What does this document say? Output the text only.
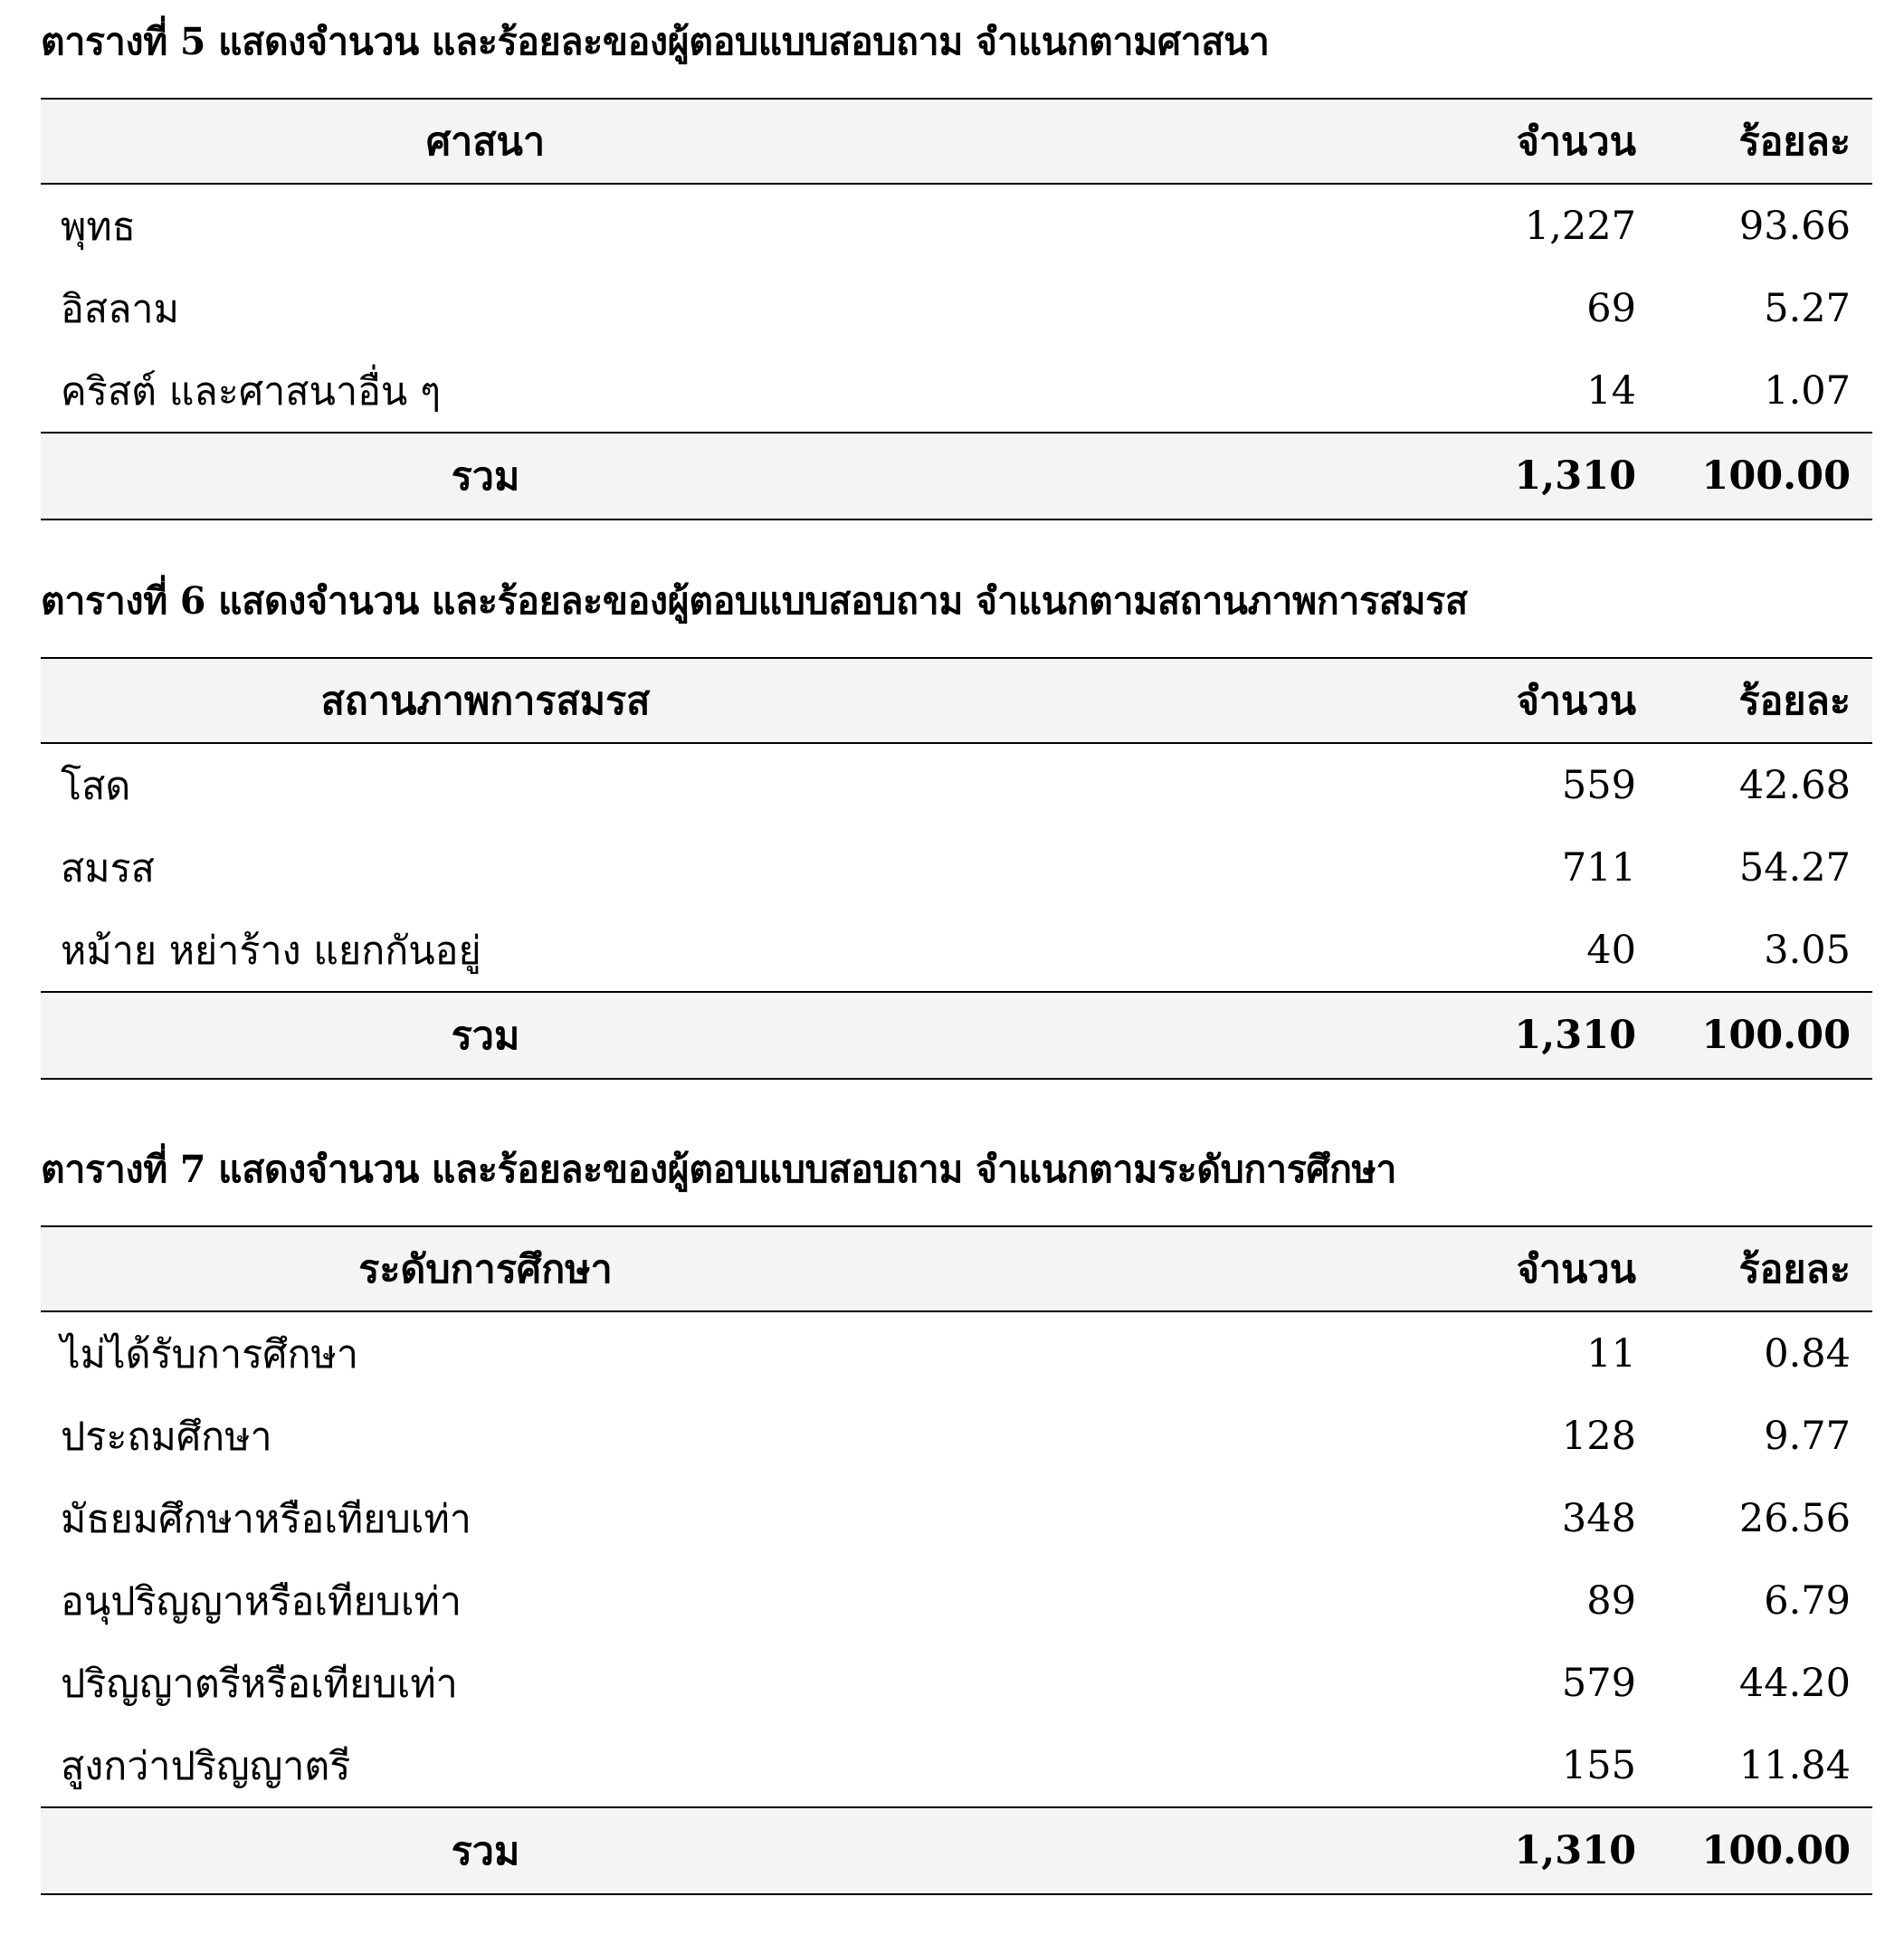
ตารางที่ 5 แสดงจำนวน และร้อยละของผู้ตอบแบบสอบถาม จำแนกตามศาสนา
ศาสนา	จำนวน	ร้อยละ
พุทธ	1,227	93.66
อิสลาม	69	5.27
คริสต์ และศาสนาอื่น ๆ	14	1.07
รวม	1,310	100.00
ตารางที่ 6 แสดงจำนวน และร้อยละของผู้ตอบแบบสอบถาม จำแนกตามสถานภาพการสมรส
สถานภาพการสมรส	จำนวน	ร้อยละ
โสด	559	42.68
สมรส	711	54.27
หม้าย หย่าร้าง แยกกันอยู่	40	3.05
รวม	1,310	100.00
ตารางที่ 7 แสดงจำนวน และร้อยละของผู้ตอบแบบสอบถาม จำแนกตามระดับการศึกษา
ระดับการศึกษา	จำนวน	ร้อยละ
ไม่ได้รับการศึกษา	11	0.84
ประถมศึกษา	128	9.77
มัธยมศึกษาหรือเทียบเท่า	348	26.56
อนุปริญญาหรือเทียบเท่า	89	6.79
ปริญญาตรีหรือเทียบเท่า	579	44.20
สูงกว่าปริญญาตรี	155	11.84
รวม	1,310	100.00
